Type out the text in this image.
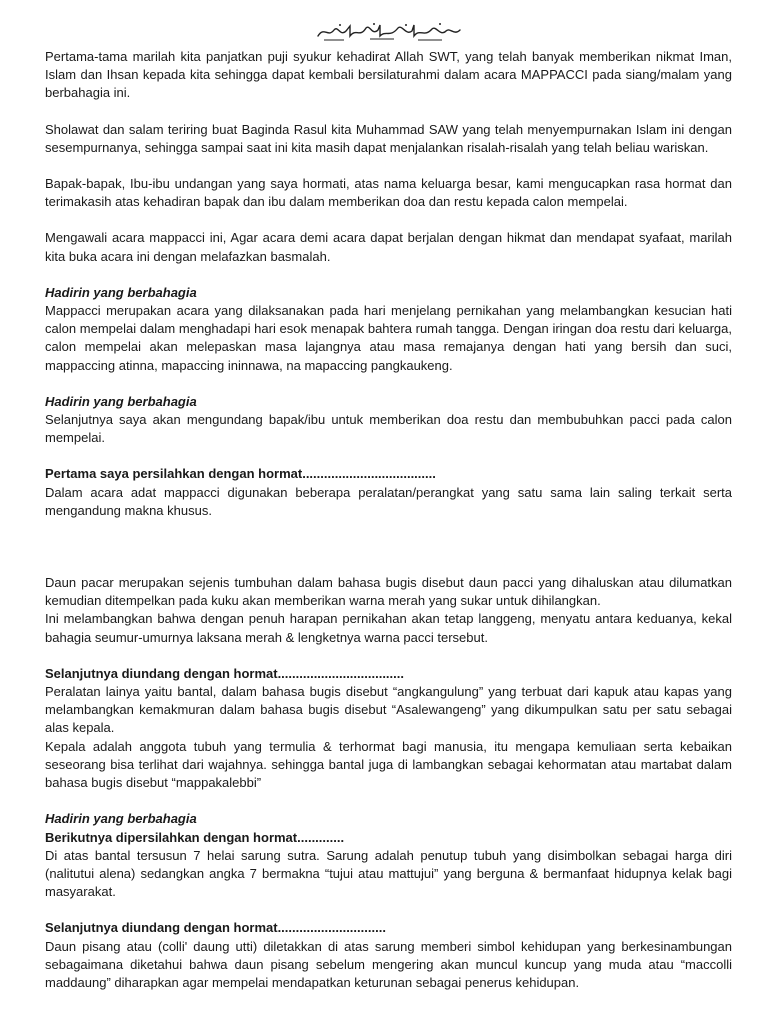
Pertama-tama marilah kita panjatkan puji syukur kehadirat Allah SWT, yang telah banyak memberikan nikmat Iman, Islam dan Ihsan kepada kita sehingga dapat kembali bersilaturahmi dalam acara MAPPACCI pada siang/malam yang berbahagia ini.

Sholawat dan salam teriring buat Baginda Rasul kita Muhammad SAW yang telah menyempurnakan Islam ini dengan sesempurnanya, sehingga sampai saat ini kita masih dapat menjalankan risalah-risalah yang telah beliau wariskan.

Bapak-bapak, Ibu-ibu undangan yang saya hormati, atas nama keluarga besar, kami mengucapkan rasa hormat dan terimakasih atas kehadiran bapak dan ibu dalam memberikan doa dan restu kepada calon mempelai.

Mengawali acara mappacci ini, Agar acara demi acara dapat berjalan dengan hikmat dan mendapat syafaat, marilah kita buka acara ini dengan melafazkan basmalah.

Hadirin yang berbahagia

Mappacci merupakan acara yang dilaksanakan pada hari menjelang pernikahan yang melambangkan kesucian hati calon mempelai dalam menghadapi hari esok menapak bahtera rumah tangga. Dengan iringan doa restu dari keluarga, calon mempelai akan melepaskan masa lajangnya atau masa remajanya dengan hati yang bersih dan suci, mappaccing atinna, mapaccing ininnawa, na mapaccing pangkaukeng.

Hadirin yang berbahagia

Selanjutnya saya akan mengundang bapak/ibu untuk memberikan doa restu dan membubuhkan pacci pada calon mempelai.

Pertama saya persilahkan dengan hormat.....................................

Dalam acara adat mappacci digunakan beberapa peralatan/perangkat yang satu sama lain saling terkait serta mengandung makna khusus.

Daun pacar merupakan sejenis tumbuhan dalam bahasa bugis disebut daun pacci yang dihaluskan atau dilumatkan kemudian ditempelkan pada kuku akan memberikan warna merah yang sukar untuk dihilangkan.

Ini melambangkan bahwa dengan penuh harapan pernikahan akan tetap langgeng, menyatu antara keduanya, kekal bahagia seumur-umurnya laksana merah & lengketnya warna pacci tersebut.

Selanjutnya diundang dengan hormat...................................

Peralatan lainya yaitu bantal, dalam bahasa bugis disebut “angkangulung” yang terbuat dari kapuk atau kapas yang melambangkan kemakmuran dalam bahasa bugis disebut “Asalewangeng” yang dikumpulkan satu per satu sebagai alas kepala.

Kepala adalah anggota tubuh yang termulia & terhormat bagi manusia, itu mengapa kemuliaan serta kebaikan seseorang bisa terlihat dari wajahnya. sehingga bantal juga di lambangkan sebagai kehormatan atau martabat dalam bahasa bugis disebut “mappakalebbi”

Hadirin yang berbahagia

Berikutnya dipersilahkan dengan hormat.............

Di atas bantal tersusun 7 helai sarung sutra. Sarung adalah penutup tubuh yang disimbolkan sebagai harga diri (nalitutui alena) sedangkan angka 7 bermakna “tujui atau mattujui” yang berguna & bermanfaat hidupnya kelak bagi masyarakat.

Selanjutnya diundang dengan hormat..............................

Daun pisang atau (colli' daung utti) diletakkan di atas sarung memberi simbol kehidupan yang berkesinambungan sebagaimana diketahui bahwa daun pisang sebelum mengering akan muncul kuncup yang muda atau “maccolli maddaung” diharapkan agar mempelai mendapatkan keturunan sebagai penerus kehidupan.
